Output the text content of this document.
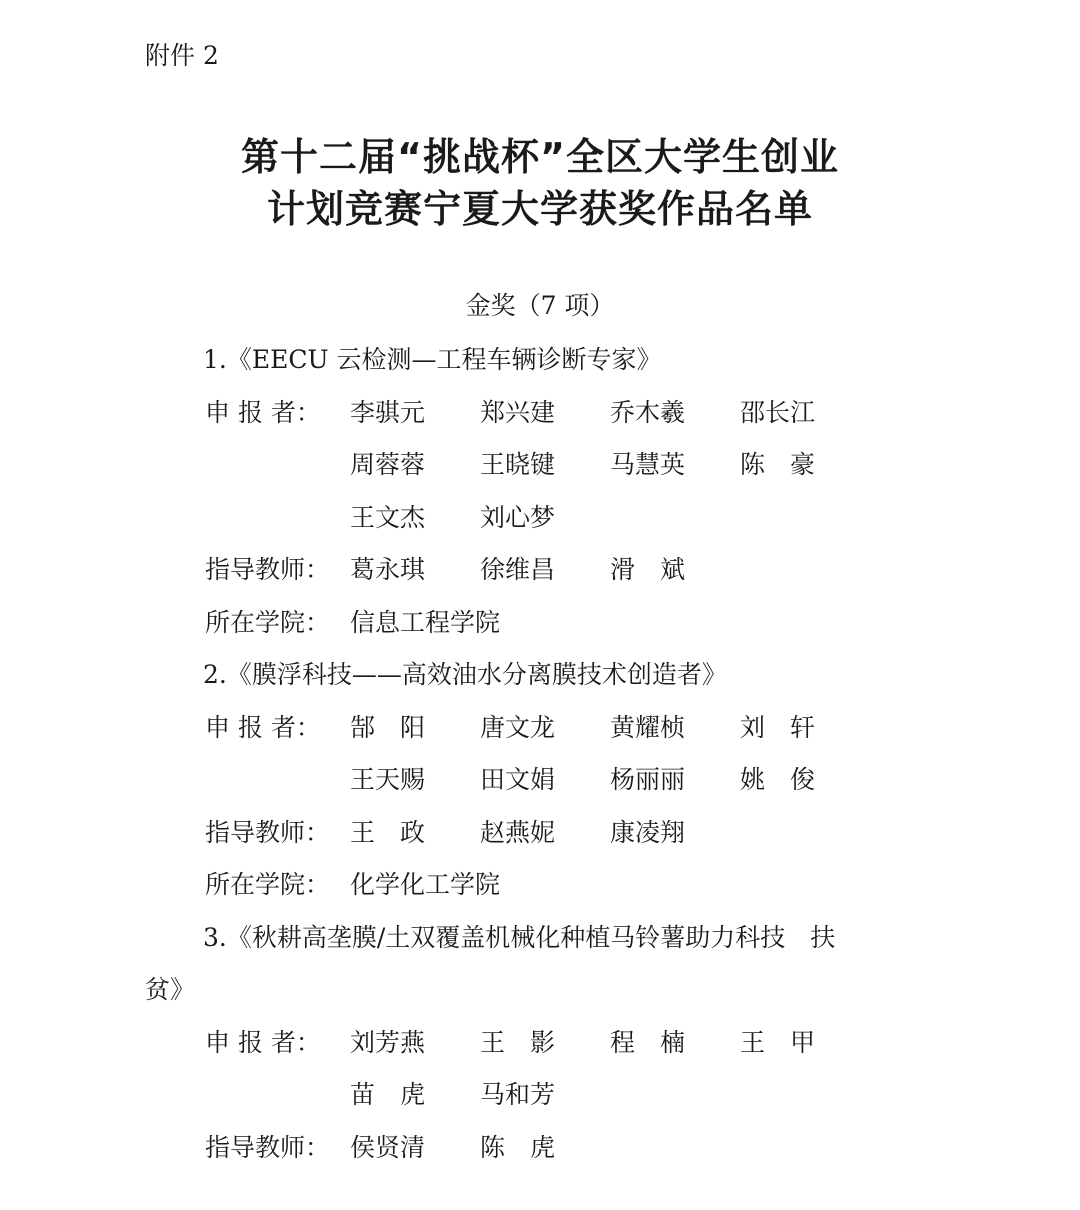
附件 2
第十二届“挑战杯”全区大学生创业
计划竞赛宁夏大学获奖作品名单
金奖（7 项）
1.《EECU 云检测—工程车辆诊断专家》
申 报 者： 李骐元 郑兴建 乔木羲 邵长江
周蓉蓉 王晓键 马慧英 陈　豪
王文杰 刘心梦
指导教师： 葛永琪 徐维昌 滑　斌
所在学院： 信息工程学院
2.《膜浮科技——高效油水分离膜技术创造者》
申 报 者： 郜　阳 唐文龙 黄耀桢 刘　轩
王天赐 田文娟 杨丽丽 姚　俊
指导教师： 王　政 赵燕妮 康凌翔
所在学院： 化学化工学院
3.《秋耕高垄膜/土双覆盖机械化种植马铃薯助力科技　扶
贫》
申 报 者： 刘芳燕 王　影 程　楠 王　甲
苗　虎 马和芳
指导教师： 侯贤清 陈　虎
